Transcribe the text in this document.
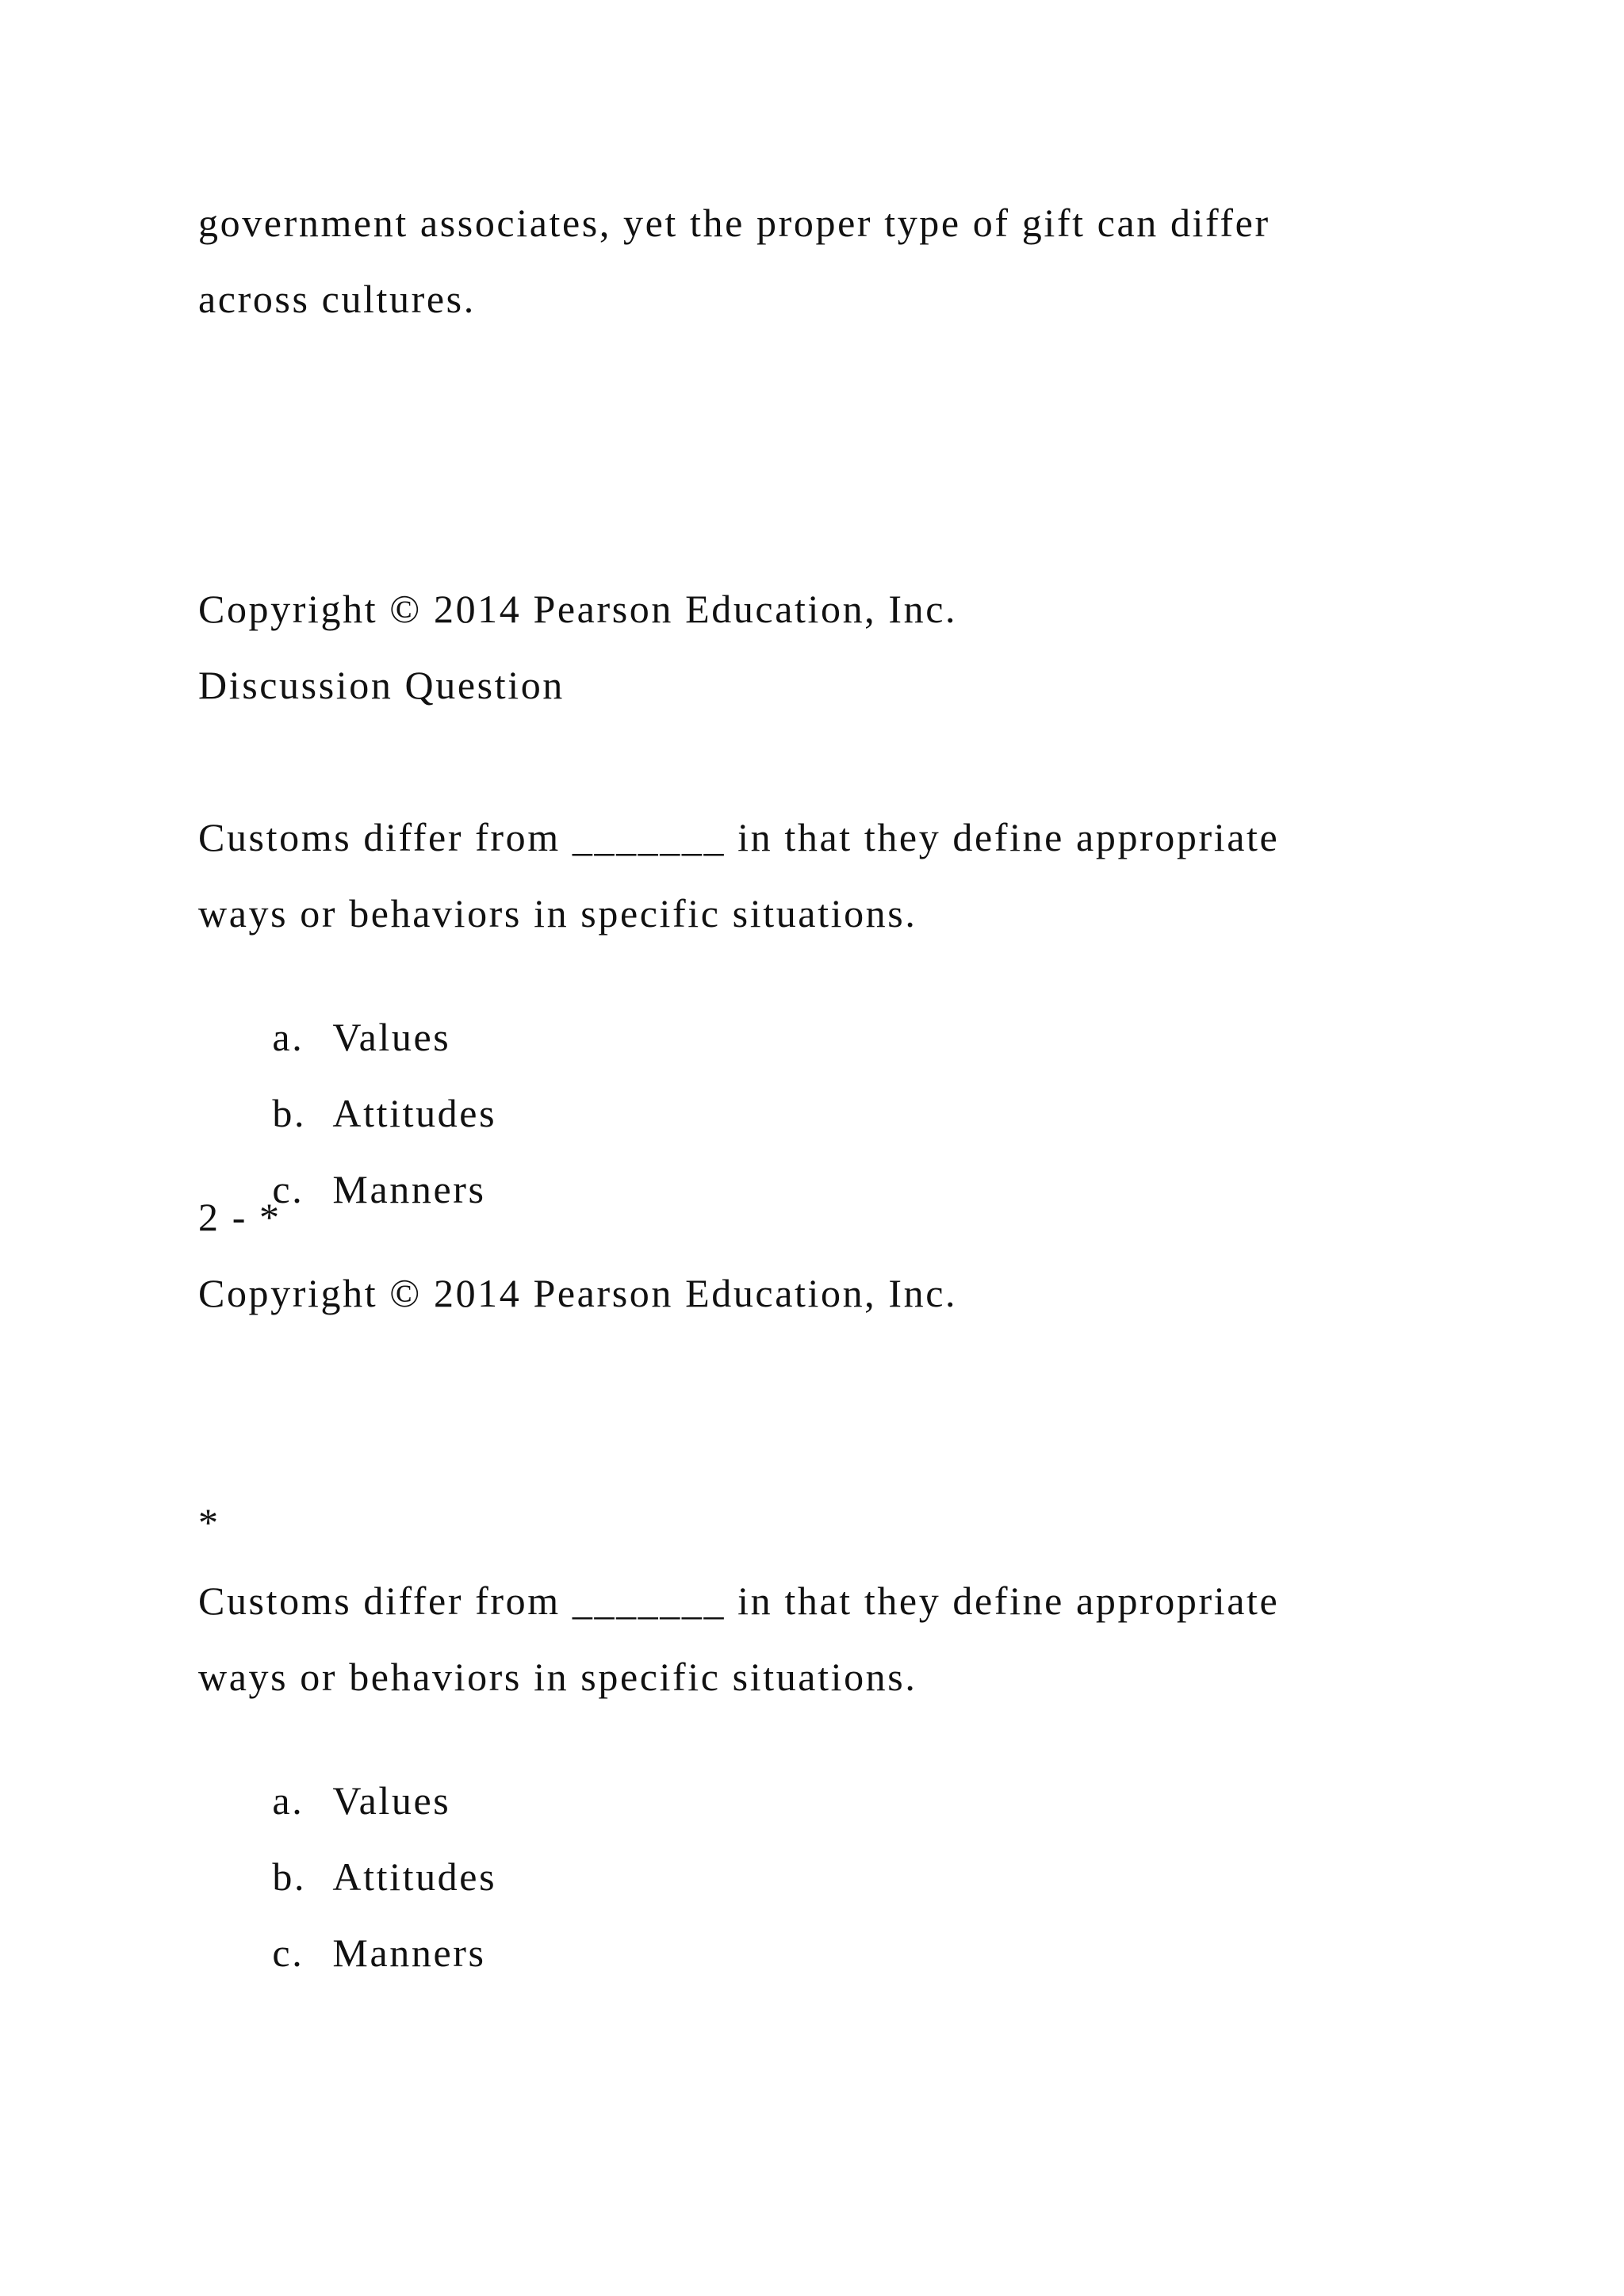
government associates, yet the proper type of gift can differ

across cultures.

Copyright © 2014 Pearson Education, Inc.

Discussion Question

Customs differ from _______ in that they define appropriate

ways or behaviors in specific situations.

a. Values

b. Attitudes

c. Manners

2 - *

Copyright © 2014 Pearson Education, Inc.

*

Customs differ from _______ in that they define appropriate

ways or behaviors in specific situations.

a. Values

b. Attitudes

c. Manners
